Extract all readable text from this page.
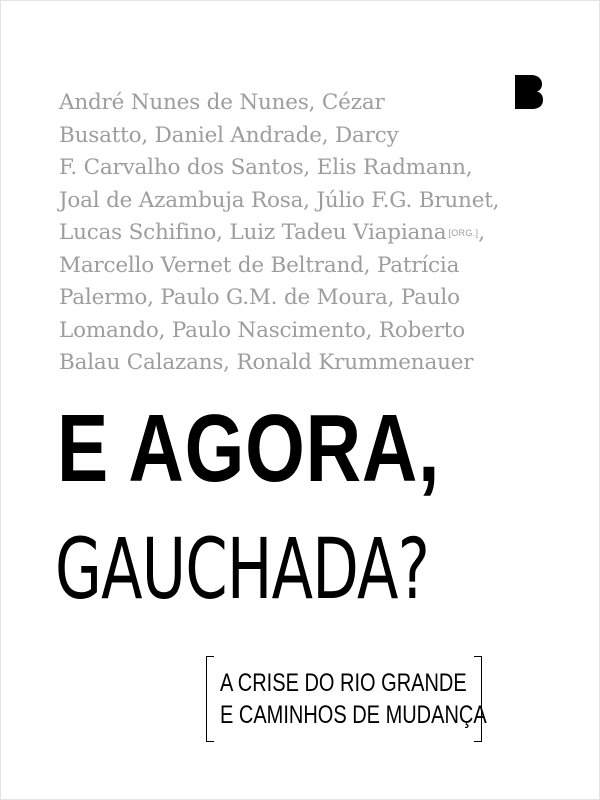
André Nunes de Nunes, Cézar
Busatto, Daniel Andrade, Darcy
F. Carvalho dos Santos, Elis Radmann,
Joal de Azambuja Rosa, Júlio F.G. Brunet,
Lucas Schifino, Luiz Tadeu Viapiana [ORG.],
Marcello Vernet de Beltrand, Patrícia
Palermo, Paulo G.M. de Moura, Paulo
Lomando, Paulo Nascimento, Roberto
Balau Calazans, Ronald Krummenauer
E AGORA,
GAUCHADA?
A CRISE DO RIO GRANDE
E CAMINHOS DE MUDANÇA
